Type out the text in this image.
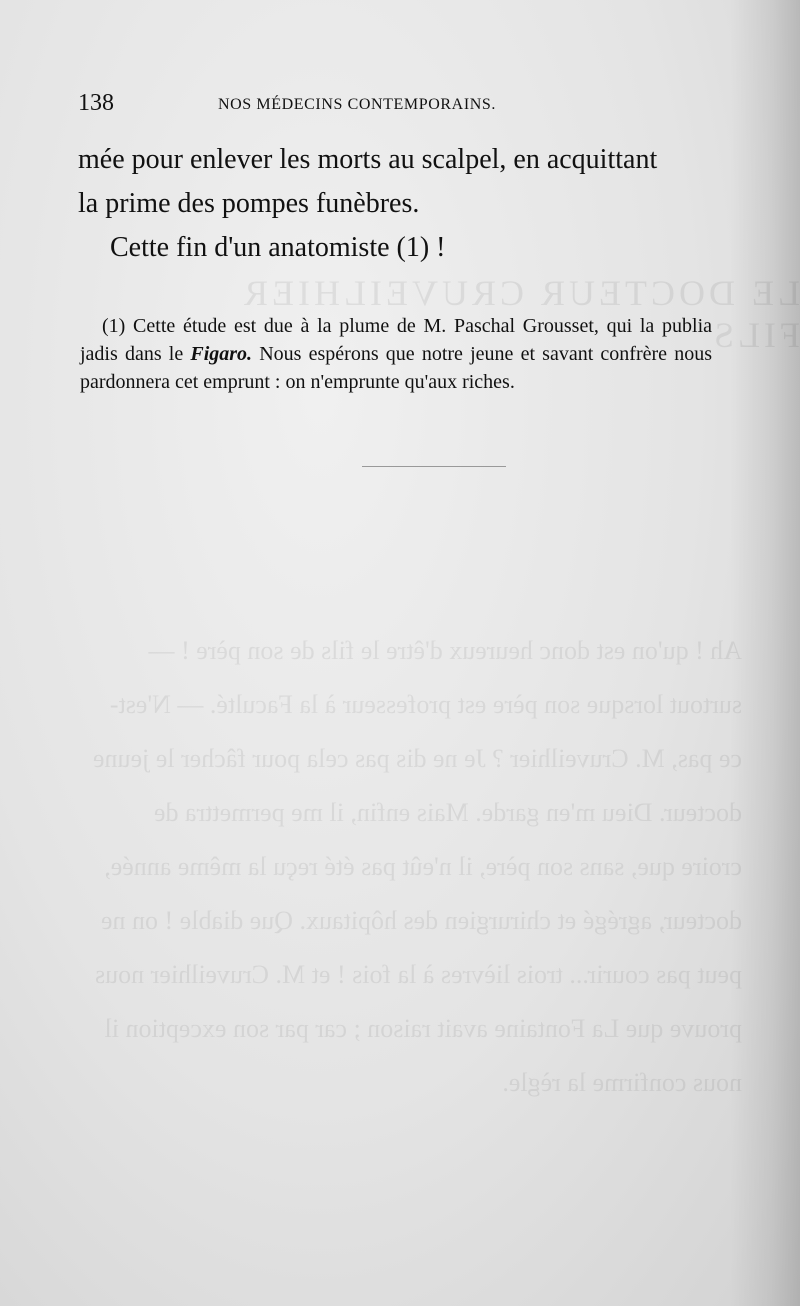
DOCTEUR CRUVEILHIER
Ah ! qu'on est donc heureux d'être le fils de son père ! — surtout lorsque son père est professeur à la Faculté. — N'est-ce pas, M. Cruveilhier ? Je ne dis pas cela pour fâcher le jeune docteur. Dieu m'en garde. Mais enfin, il me permettra de croire que, sans son père, il n'eût pas été reçu la même année, docteur, agrégé et chirurgien des hôpitaux. Que diable ! on ne peut pas courir... trois lièvres à la fois ! et M. Cruveilhier nous prouve que La Fontaine avait raison ; car par son exception il nous confirme la règle.
138	NOS MÉDECINS CONTEMPORAINS.

mée pour enlever les morts au scalpel, en acquittant

la prime des pompes funèbres.

Cette fin d'un anatomiste (1) !

(1) Cette étude est due à la plume de M. Paschal Grousset, qui la publia jadis dans le Figaro. Nous espérons que notre jeune et savant confrère nous pardonnera cet emprunt : on n'emprunte qu'aux riches.
